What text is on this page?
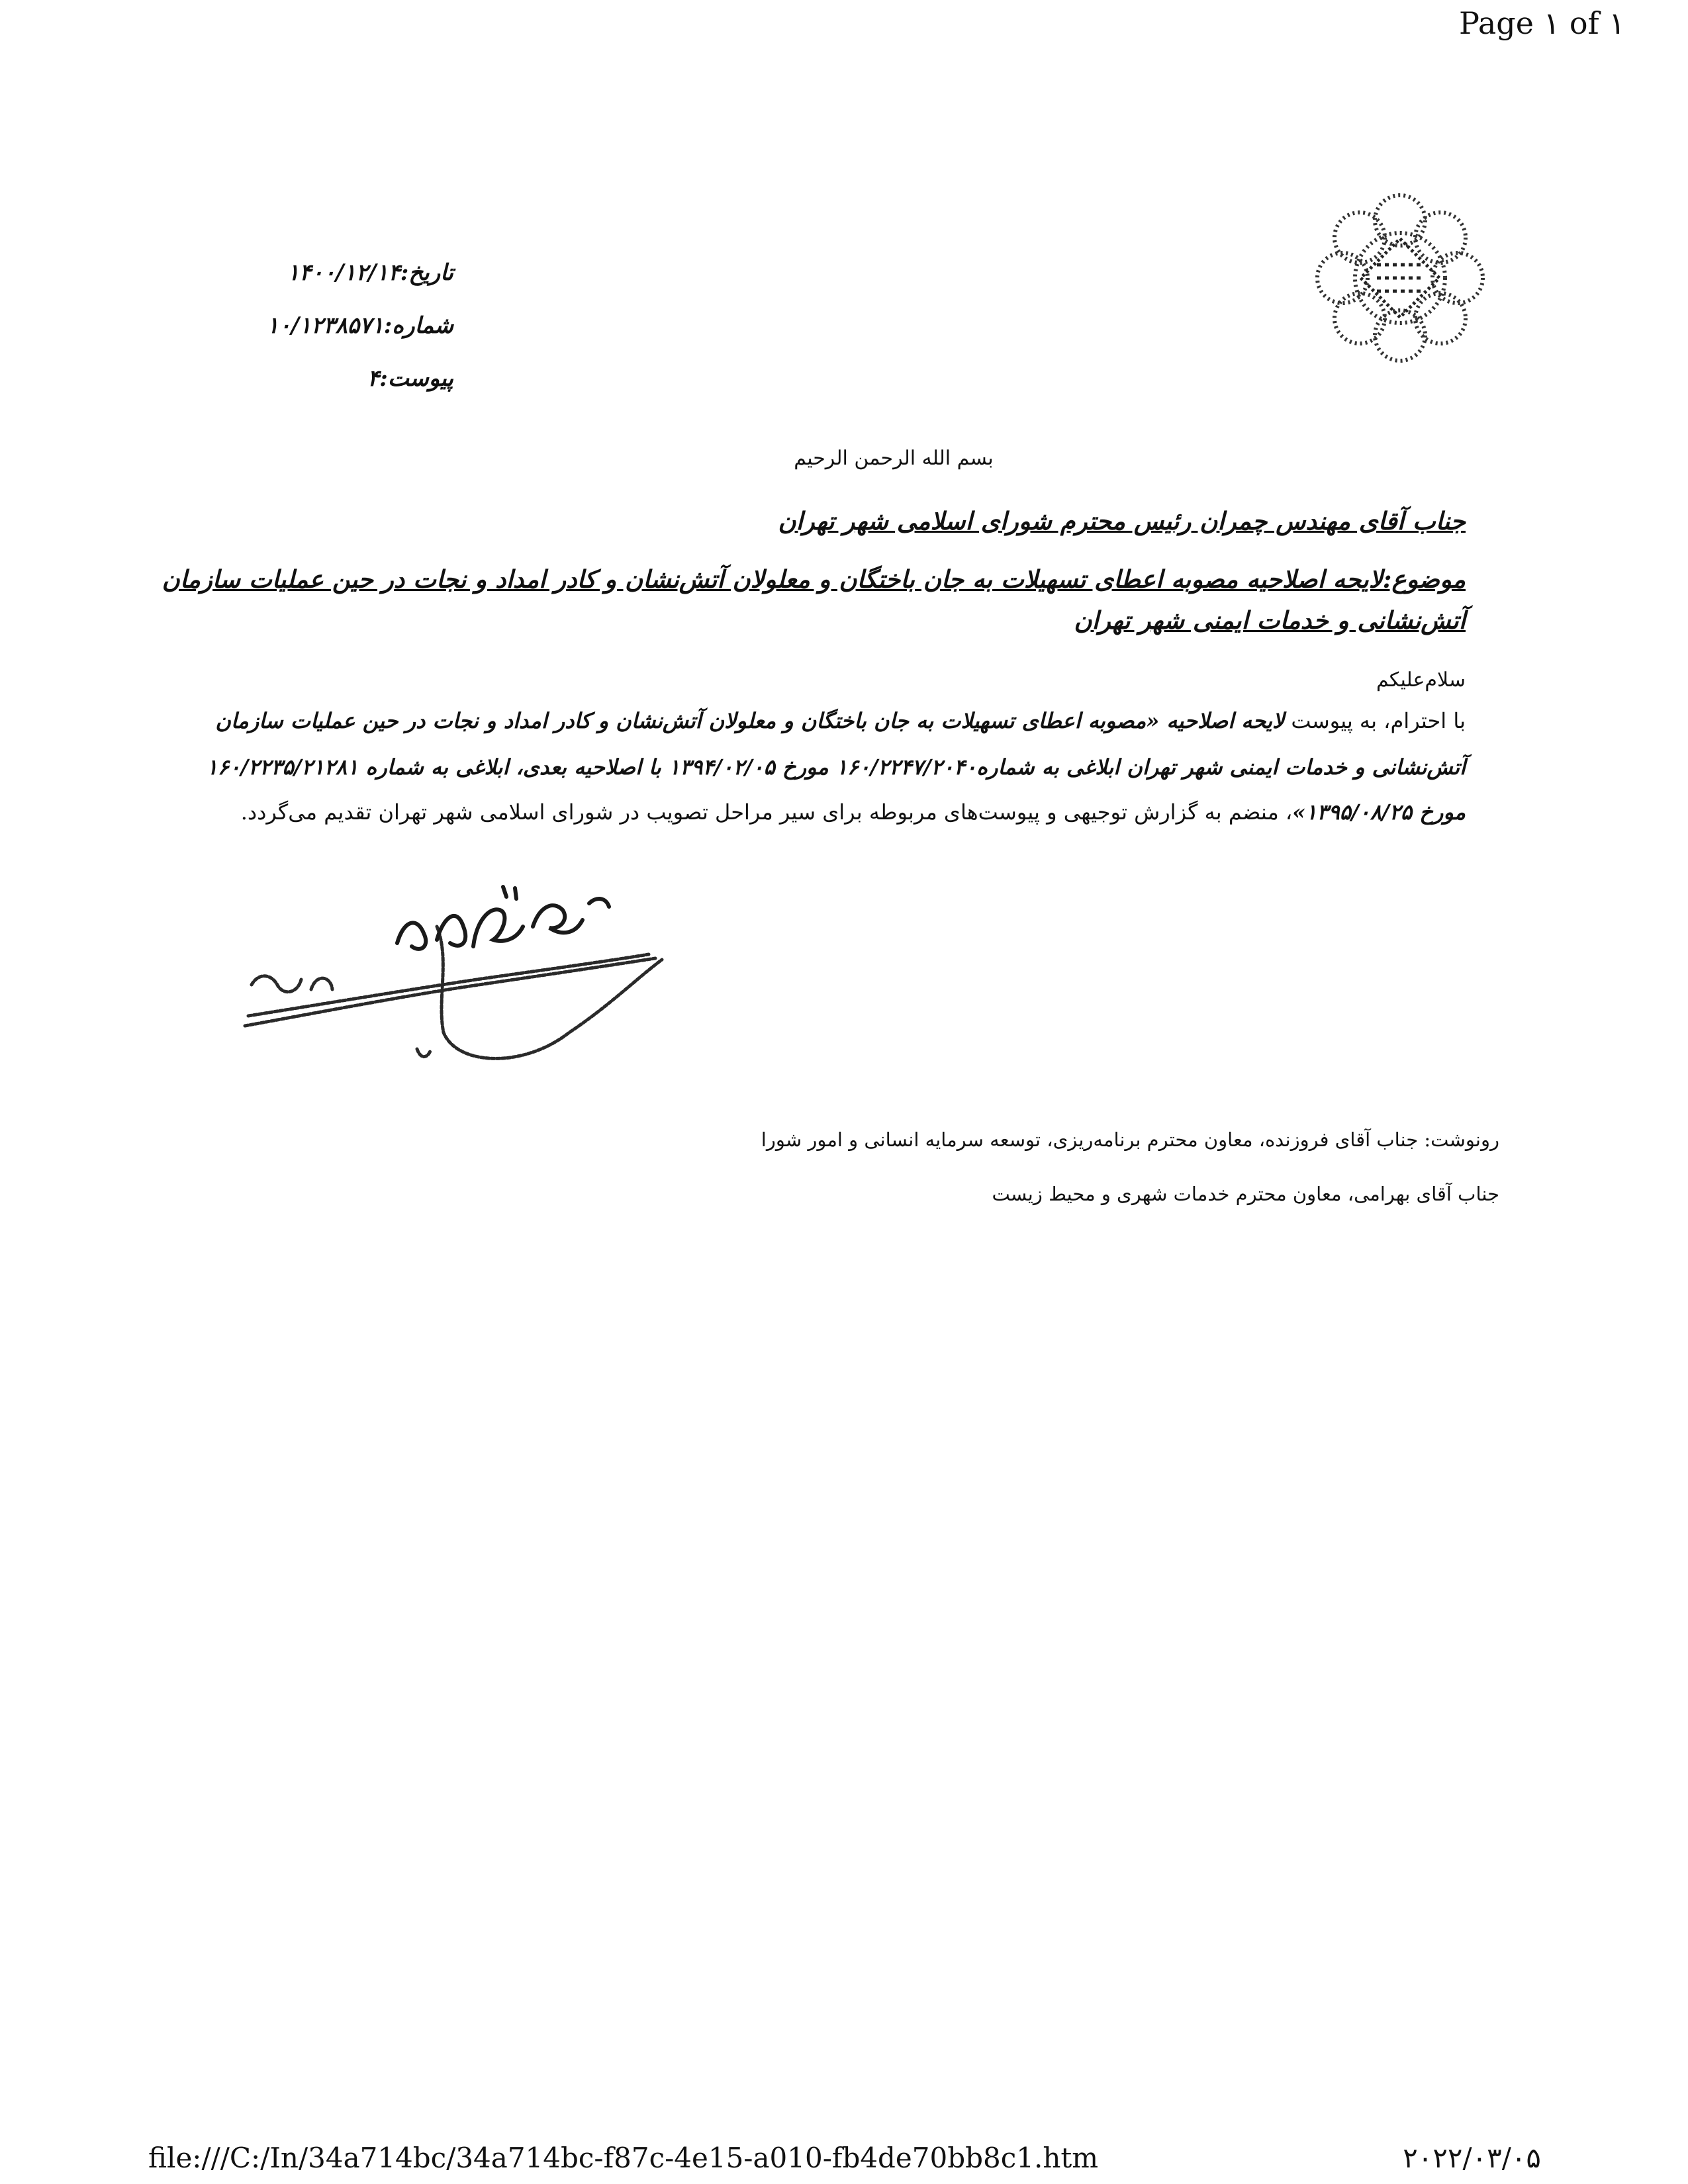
Page ١ of ١
تاریخ:۱۴۰۰/۱۲/۱۴
شماره:۱۰/۱۲۳۸۵۷۱
پیوست:۴
بسم الله الرحمن الرحیم
جناب آقای مهندس چمران رئیس محترم شورای اسلامی شهر تهران
موضوع:لایحه اصلاحیه مصوبه اعطای تسهیلات به جان باختگان و معلولان آتش‌نشان و کادر امداد و نجات در حین عملیات سازمان
آتش‌نشانی و خدمات ایمنی شهر تهران
سلام‌علیکم
با احترام، به پیوست لایحه اصلاحیه «مصوبه اعطای تسهیلات به جان باختگان و معلولان آتش‌نشان و کادر امداد و نجات در حین عملیات سازمان
آتش‌نشانی و خدمات ایمنی شهر تهران ابلاغی به شماره۱۶۰/۲۲۴۷/۲۰۴۰ مورخ ۱۳۹۴/۰۲/۰۵ با اصلاحیه بعدی، ابلاغی به شماره ۱۶۰/۲۲۳۵/۲۱۲۸۱
مورخ ۱۳۹۵/۰۸/۲۵»، منضم به گزارش توجیهی و پیوست‌های مربوطه برای سیر مراحل تصویب در شورای اسلامی شهر تهران تقدیم می‌گردد.
رونوشت: جناب آقای فروزنده، معاون محترم برنامه‌ریزی، توسعه سرمایه انسانی و امور شورا
جناب آقای بهرامی، معاون محترم خدمات شهری و محیط زیست
file:///C:/In/34a714bc/34a714bc-f87c-4e15-a010-fb4de70bb8c1.htm	۲۰۲۲/۰۳/۰۵
